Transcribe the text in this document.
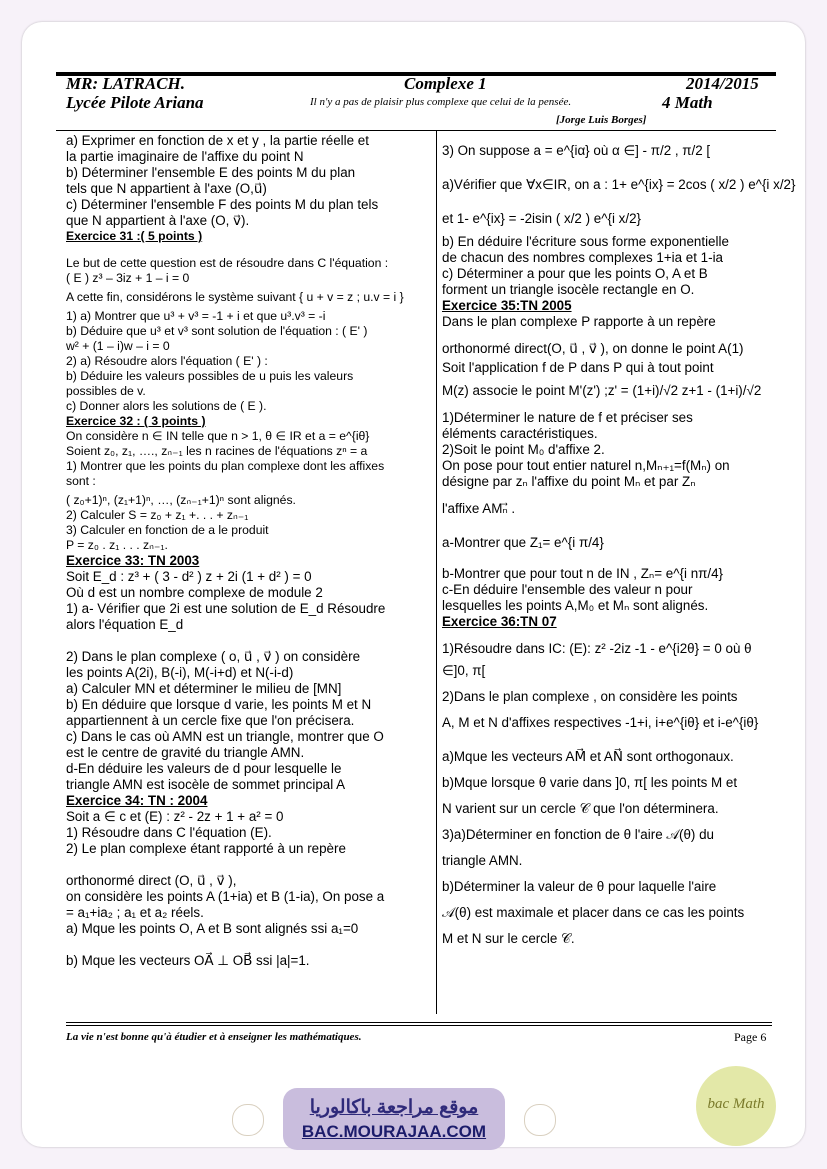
MR: LATRACH.	Complexe 1	2014/2015
Lycée Pilote Ariana	Il n'y a pas de plaisir plus complexe que celui de la pensée.	4 Math
[Jorge Luis Borges]

a) Exprimer en fonction de x et y , la partie réelle et

la partie imaginaire de l'affixe du point N

b) Déterminer l'ensemble E des points M du plan

tels que N appartient à l'axe (O,u⃗)

c) Déterminer l'ensemble F des points M du plan tels

que N appartient à l'axe (O, v⃗).

Exercice 31 :( 5 points )

Le but de cette question est de résoudre dans C l'équation :

( E ) z³ – 3iz + 1 – i = 0

A cette fin, considérons le système suivant { u + v = z ; u.v = i }

1) a) Montrer que u³ + v³ = -1 + i et que u³.v³ = -i

b) Déduire que u³ et v³ sont solution de l'équation : ( E' )

w² + (1 – i)w – i = 0

2) a) Résoudre alors l'équation ( E' ) :

b) Déduire les valeurs possibles de u puis les valeurs

possibles de v.

c) Donner alors les solutions de ( E ).

Exercice 32 : ( 3 points )

On considère n ∈ IN telle que n > 1, θ ∈ IR et a = e^{iθ}

Soient z₀, z₁, …., zₙ₋₁ les n racines de l'équations zⁿ = a

1) Montrer que les points du plan complexe dont les affixes

sont :

( z₀+1)ⁿ, (z₁+1)ⁿ, …, (zₙ₋₁+1)ⁿ sont alignés.

2) Calculer S = z₀ + z₁ +. . . + zₙ₋₁

3) Calculer en fonction de a le produit

P = z₀ . z₁ . . . zₙ₋₁.

Exercice 33: TN 2003

Soit E_d : z³ + ( 3 - d² ) z + 2i (1 + d² ) = 0

Où d est un nombre complexe de module 2

1) a- Vérifier que 2i est une solution de E_d Résoudre

alors l'équation E_d

2) Dans le plan complexe ( o, u⃗ , v⃗ ) on considère

les points A(2i), B(-i), M(-i+d) et N(-i-d)

a) Calculer MN et déterminer le milieu de [MN]

b) En déduire que lorsque d varie, les points M et N

appartiennent à un cercle fixe que l'on précisera.

c) Dans le cas où AMN est un triangle, montrer que O

est le centre de gravité du triangle AMN.

d-En déduire les valeurs de d pour lesquelle le

triangle AMN est isocèle de sommet principal A

Exercice 34: TN : 2004

Soit a ∈ c et (E) : z² - 2z + 1 + a² = 0

1) Résoudre dans C l'équation (E).

2) Le plan complexe étant rapporté à un repère

orthonormé direct (O, u⃗ , v⃗ ),

on considère les points A (1+ia) et B (1-ia), On pose a

= a₁+ia₂ ; a₁ et a₂ réels.

a) Mque les points O, A et B sont alignés ssi a₁=0

b) Mque les vecteurs OA⃗ ⊥ OB⃗ ssi |a|=1.

3) On suppose a = e^{iα} où α ∈] - π/2 , π/2 [

a)Vérifier que ∀x∈IR, on a : 1+ e^{ix} = 2cos ( x/2 ) e^{i x/2}

et 1- e^{ix} = -2isin ( x/2 ) e^{i x/2}

b) En déduire l'écriture sous forme exponentielle

de chacun des nombres complexes 1+ia et 1-ia

c) Déterminer a pour que les points O, A et B

forment un triangle isocèle rectangle en O.

Exercice 35:TN 2005

Dans le plan complexe P rapporte à un repère

orthonormé direct(O, u⃗ , v⃗ ), on donne le point A(1)

Soit l'application f de P dans P qui à tout point

M(z) associe le point M'(z') ;z' = (1+i)/√2 z+1 - (1+i)/√2

1)Déterminer le nature de f et préciser ses

éléments caractéristiques.

2)Soit le point M₀ d'affixe 2.

On pose pour tout entier naturel n,Mₙ₊₁=f(Mₙ) on

désigne par zₙ l'affixe du point Mₙ et par Zₙ

l'affixe AMₙ⃗ .

a-Montrer que Z₁= e^{i π/4}

b-Montrer que pour tout n de IN , Zₙ= e^{i nπ/4}

c-En déduire l'ensemble des valeur n pour

lesquelles les points A,M₀ et Mₙ sont alignés.

Exercice 36:TN 07

1)Résoudre dans IC: (E): z² -2iz -1 - e^{i2θ} = 0 où θ

∈]0, π[

2)Dans le plan complexe , on considère les points

A, M et N d'affixes respectives -1+i, i+e^{iθ} et i-e^{iθ}

a)Mque les vecteurs AM⃗ et AN⃗ sont orthogonaux.

b)Mque lorsque θ varie dans ]0, π[ les points M et

N varient sur un cercle 𝒞 que l'on déterminera.

3)a)Déterminer en fonction de θ l'aire 𝒜(θ) du

triangle AMN.

b)Déterminer la valeur de θ pour laquelle l'aire

𝒜(θ) est maximale et placer dans ce cas les points

M et N sur le cercle 𝒞.

La vie n'est bonne qu'à étudier et à enseigner les mathématiques.	Page 6
موقع مراجعة باكالوريا
BAC.MOURAJAA.COM
bac Math
